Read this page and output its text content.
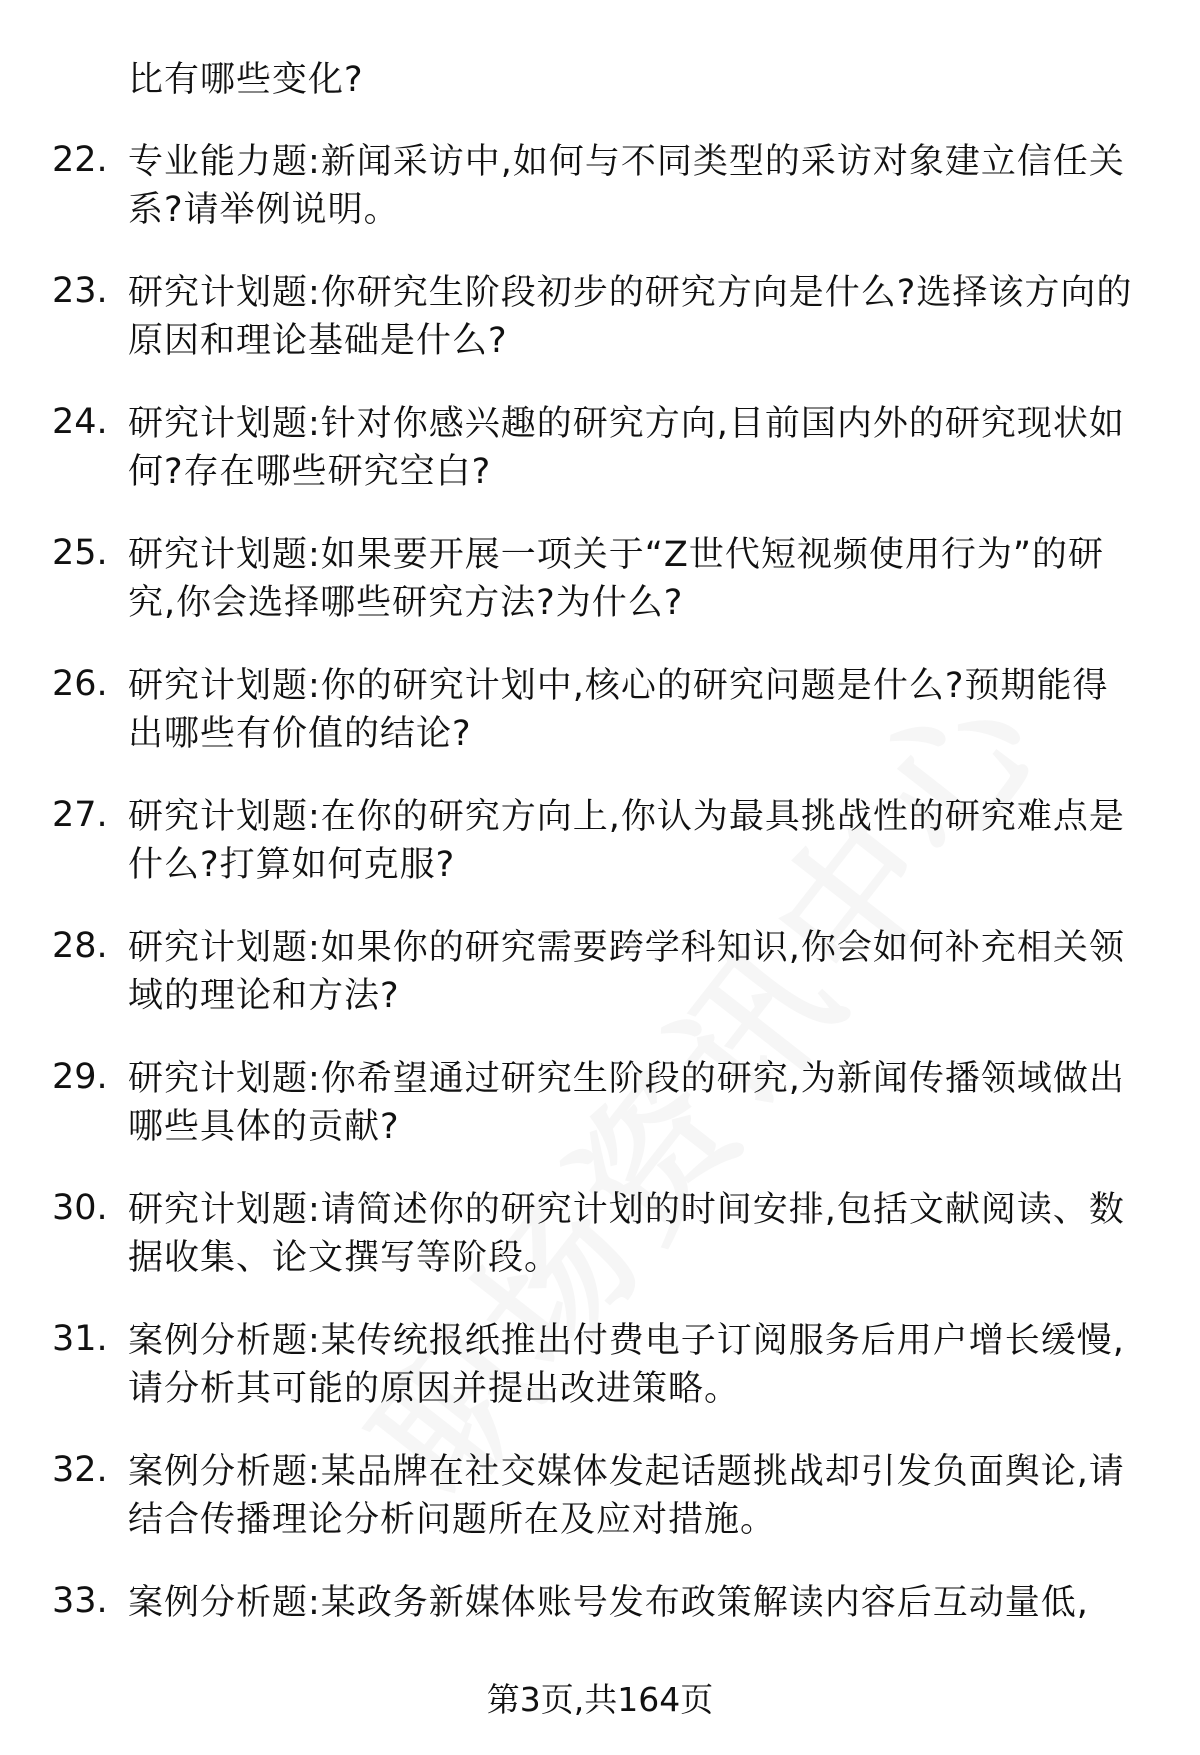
比有哪些变化?
22. 专业能力题:新闻采访中,如何与不同类型的采访对象建立信任关系?请举例说明。
23. 研究计划题:你研究生阶段初步的研究方向是什么?选择该方向的原因和理论基础是什么?
24. 研究计划题:针对你感兴趣的研究方向,目前国内外的研究现状如何?存在哪些研究空白?
25. 研究计划题:如果要开展一项关于“Z世代短视频使用行为”的研究,你会选择哪些研究方法?为什么?
26. 研究计划题:你的研究计划中,核心的研究问题是什么?预期能得出哪些有价值的结论?
27. 研究计划题:在你的研究方向上,你认为最具挑战性的研究难点是什么?打算如何克服?
28. 研究计划题:如果你的研究需要跨学科知识,你会如何补充相关领域的理论和方法?
29. 研究计划题:你希望通过研究生阶段的研究,为新闻传播领域做出哪些具体的贡献?
30. 研究计划题:请简述你的研究计划的时间安排,包括文献阅读、数据收集、论文撰写等阶段。
31. 案例分析题:某传统报纸推出付费电子订阅服务后用户增长缓慢,请分析其可能的原因并提出改进策略。
32. 案例分析题:某品牌在社交媒体发起话题挑战却引发负面舆论,请结合传播理论分析问题所在及应对措施。
33. 案例分析题:某政务新媒体账号发布政策解读内容后互动量低,
第3页,共164页
